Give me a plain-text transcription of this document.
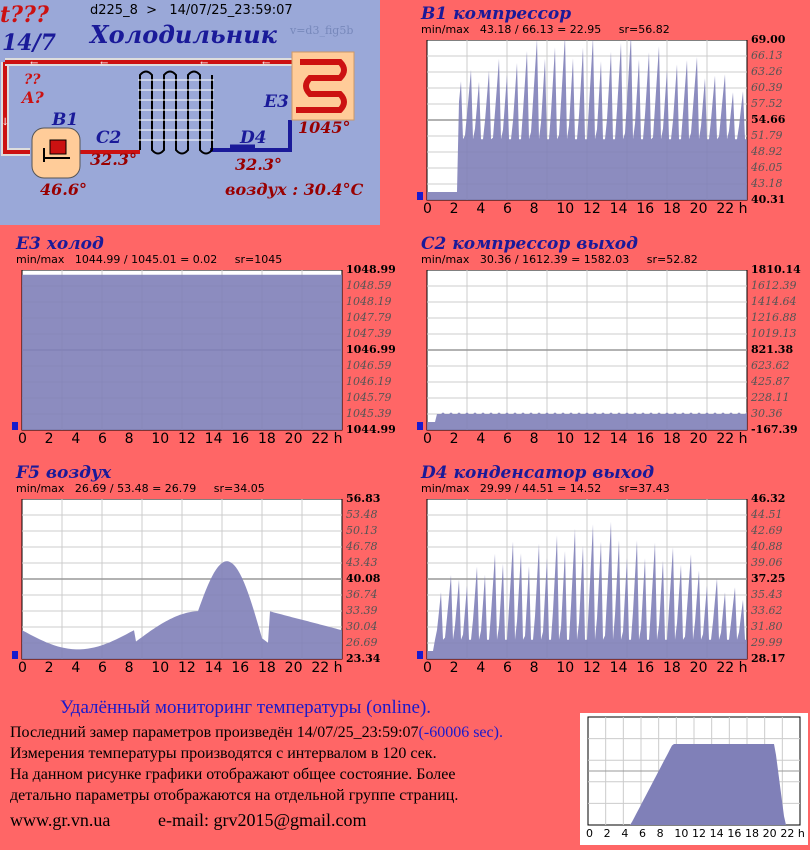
←	←	←	←
↓
t???
14/7
d225_8  >   14/07/25_23:59:07
Холодильник v=d3_fig5b
??
A?
B1
C2	D4
E3
46.6°
32.3°	32.3°
1045°
воздух : 30.4°C
B1 компрессор
min/max   43.18 / 66.13 = 22.95     sr=56.82
69.00
66.13
63.26
60.39
57.52
54.66
51.79
48.92
46.05
43.18
40.31
0 2 4 6 8 10 12 14 16 18 20 22 h
E3 холод
min/max   1044.99 / 1045.01 = 0.02     sr=1045
1048.99
1048.59
1048.19
1047.79
1047.39
1046.99
1046.59
1046.19
1045.79
1045.39
1044.99
0 2 4 6 8 10 12 14 16 18 20 22 h
C2 компрессор выход
min/max   30.36 / 1612.39 = 1582.03     sr=52.82
1810.14
1612.39
1414.64
1216.88
1019.13
821.38
623.62
425.87
228.11
30.36
-167.39
0 2 4 6 8 10 12 14 16 18 20 22 h
F5 воздух
min/max   26.69 / 53.48 = 26.79     sr=34.05
56.83
53.48
50.13
46.78
43.43
40.08
36.74
33.39
30.04
26.69
23.34
0 2 4 6 8 10 12 14 16 18 20 22 h
D4 конденсатор выход
min/max   29.99 / 44.51 = 14.52     sr=37.43
46.32
44.51
42.69
40.88
39.06
37.25
35.43
33.62
31.80
29.99
28.17
0 2 4 6 8 10 12 14 16 18 20 22 h
0 2 4 6 8 10 12 14 16 18 20 22 h
Удалённый мониторинг температуры (online).
Последний замер параметров произведён 14/07/25_23:59:07(-60006 sec).
Измерения температуры производятся с интервалом в 120 сек.
На данном рисунке графики отображают общее состояние. Более
детально параметры отображаются на отдельной группе страниц.
www.gr.vn.ua	e-mail: grv2015@gmail.com
